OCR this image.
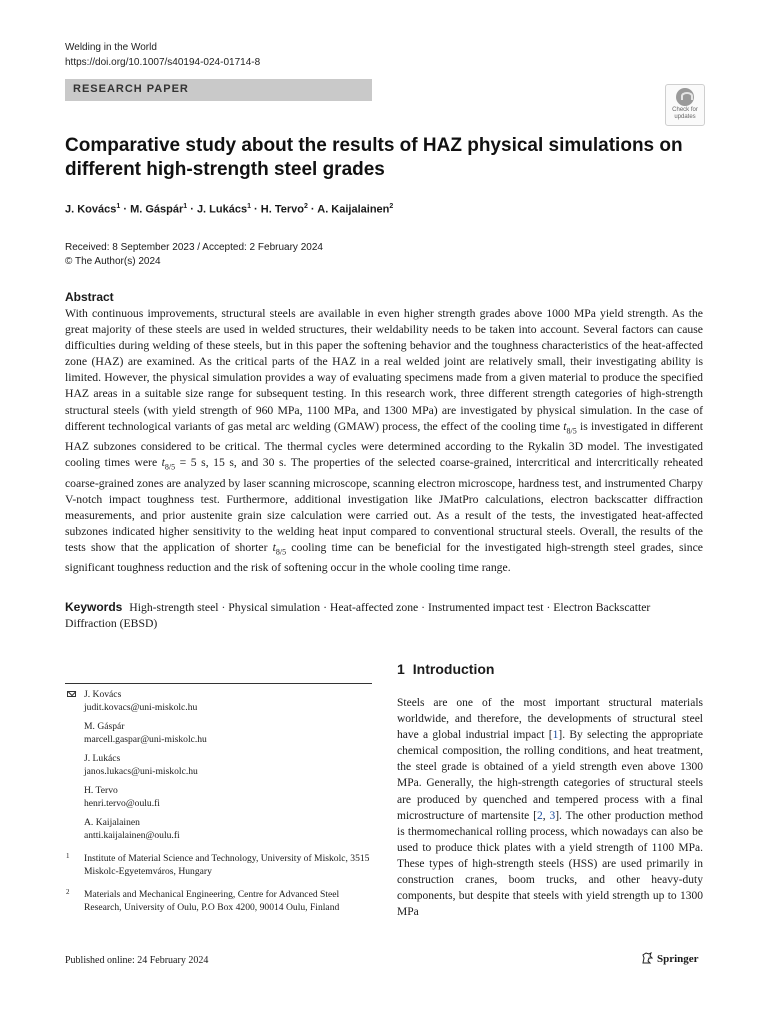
Welding in the World
https://doi.org/10.1007/s40194-024-01714-8
RESEARCH PAPER
Check for
updates
Comparative study about the results of HAZ physical simulations on different high-strength steel grades
J. Kovács$^1$ · M. Gáspár$^1$ · J. Lukács$^1$ · H. Tervo$^2$ · A. Kaijalainen$^2$
Received: 8 September 2023 / Accepted: 2 February 2024
© The Author(s) 2024
Abstract
With continuous improvements, structural steels are available in even higher strength grades above 1000 MPa yield strength. As the great majority of these steels are used in welded structures, their weldability needs to be taken into account. Several factors can cause difficulties during welding of these steels, but in this paper the softening behavior and the toughness characteristics of the heat-affected zone (HAZ) are examined. As the critical parts of the HAZ in a real welded joint are relatively small, their investigating ability is limited. However, the physical simulation provides a way of evaluating specimens made from a given material to produce the specified HAZ areas in a suitable size range for subsequent testing. In this research work, three different strength categories of high-strength structural steels (with yield strength of 960 MPa, 1100 MPa, and 1300 MPa) are investigated by physical simulation. In the case of different technological variants of gas metal arc welding (GMAW) process, the effect of the cooling time $t_{8/5}$ is investigated in different HAZ subzones considered to be critical. The thermal cycles were determined according to the Rykalin 3D model. The investigated cooling times were $t_{8/5} = 5$ s, 15 s, and 30 s. The properties of the selected coarse-grained, intercritical and intercritically reheated coarse-grained zones are analyzed by laser scanning microscope, scanning electron microscope, hardness test, and instrumented Charpy V-notch impact toughness test. Furthermore, additional investigation like JMatPro calculations, electron backscatter diffraction measurements, and prior austenite grain size calculation were carried out. As a result of the tests, the investigated heat-affected subzones indicated higher sensitivity to the welding heat input compared to conventional structural steels. Overall, the results of the tests show that the application of shorter $t_{8/5}$ cooling time can be beneficial for the investigated high-strength steel grades, since significant toughness reduction and the risk of softening occur in the whole cooling time range.
Keywords High-strength steel · Physical simulation · Heat-affected zone · Instrumented impact test · Electron Backscatter Diffraction (EBSD)
J. Kovács
judit.kovacs@uni-miskolc.hu
M. Gáspár
marcell.gaspar@uni-miskolc.hu
J. Lukács
janos.lukacs@uni-miskolc.hu
H. Tervo
henri.tervo@oulu.fi
A. Kaijalainen
antti.kaijalainen@oulu.fi
1 Institute of Material Science and Technology, University of Miskolc, 3515 Miskolc-Egyetemváros, Hungary
2 Materials and Mechanical Engineering, Centre for Advanced Steel Research, University of Oulu, P.O Box 4200, 90014 Oulu, Finland
1 Introduction
Steels are one of the most important structural materials worldwide, and therefore, the developments of structural steel have a global industrial impact [1]. By selecting the appropriate chemical composition, the rolling conditions, and heat treatment, the steel grade is obtained of a yield strength even above 1300 MPa. Generally, the high-strength categories of structural steels are produced by quenched and tempered process with a final microstructure of martensite [2, 3]. The other production method is thermomechanical rolling process, which nowadays can also be used to produce thick plates with a yield strength of 1100 MPa. These types of high-strength steels (HSS) are used primarily in construction cranes, boom trucks, and other heavy-duty components, but despite that steels with yield strength up to 1300 MPa
Published online: 24 February 2024	Springer
